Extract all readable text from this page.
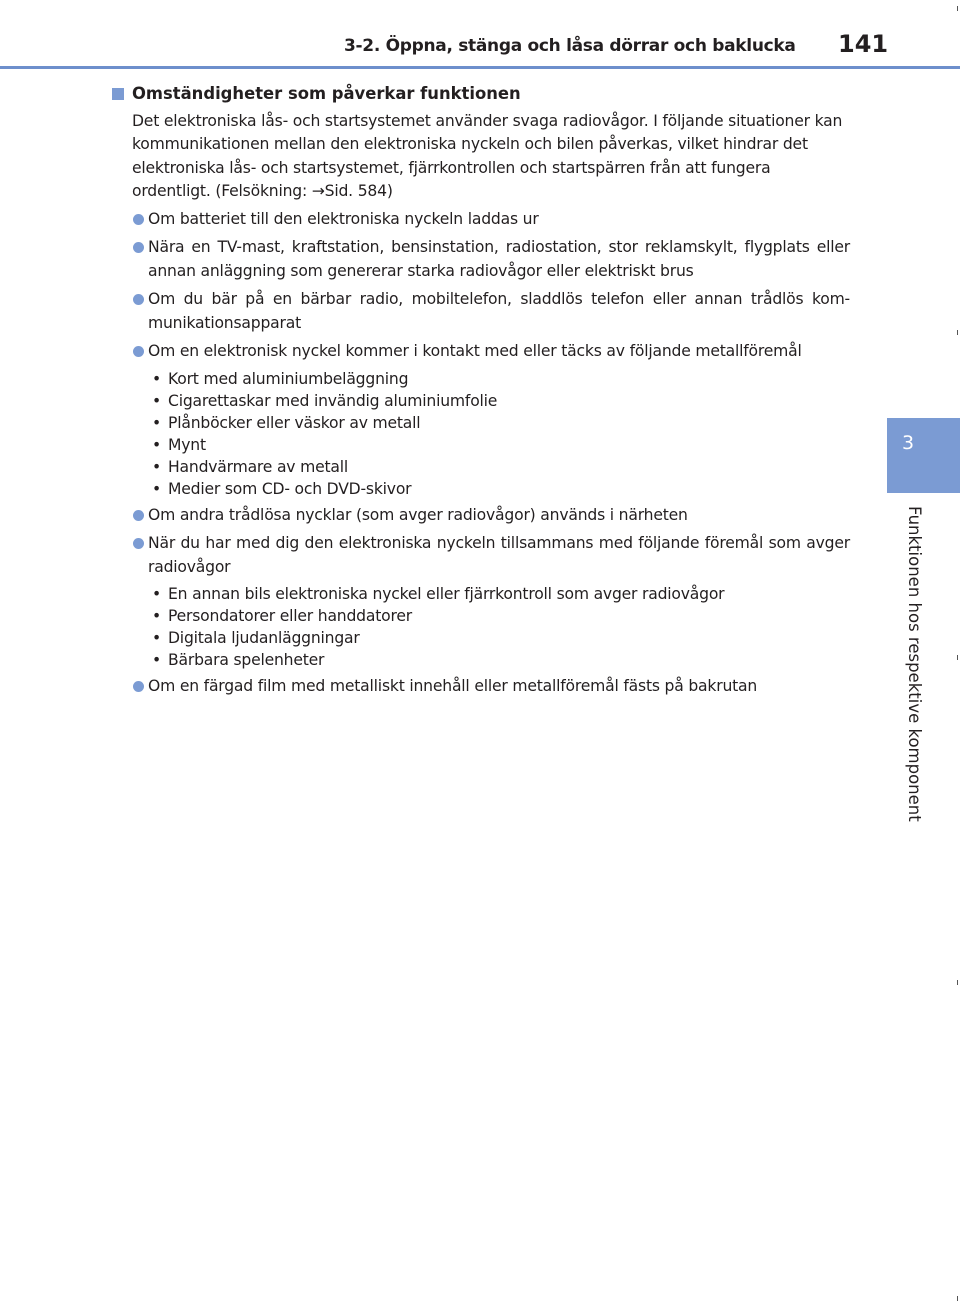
3-2. Öppna, stänga och låsa dörrar och baklucka 141
3
Funktionen hos respektive komponent
Omständigheter som påverkar funktionen

Det elektroniska lås- och startsystemet använder svaga radiovågor. I följande situationer kan kommunikationen mellan den elektroniska nyckeln och bilen påverkas, vilket hindrar det elektroniska lås- och startsystemet, fjärrkontrollen och startspärren från att fungera ordentligt. (Felsökning: →Sid. 584)

Om batteriet till den elektroniska nyckeln laddas ur
Nära en TV-mast, kraftstation, bensinstation, radiostation, stor reklamskylt, flygplats eller annan anläggning som genererar starka radiovågor eller elektriskt brus
Om du bär på en bärbar radio, mobiltelefon, sladdlös telefon eller annan trådlös kom-munikationsapparat
Om en elektronisk nyckel kommer i kontakt med eller täcks av följande metallföremål
• Kort med aluminiumbeläggning
• Cigarettaskar med invändig aluminiumfolie
• Plånböcker eller väskor av metall
• Mynt
• Handvärmare av metall
• Medier som CD- och DVD-skivor
Om andra trådlösa nycklar (som avger radiovågor) används i närheten
När du har med dig den elektroniska nyckeln tillsammans med följande föremål som avger radiovågor
• En annan bils elektroniska nyckel eller fjärrkontroll som avger radiovågor
• Persondatorer eller handdatorer
• Digitala ljudanläggningar
• Bärbara spelenheter
Om en färgad film med metalliskt innehåll eller metallföremål fästs på bakrutan
